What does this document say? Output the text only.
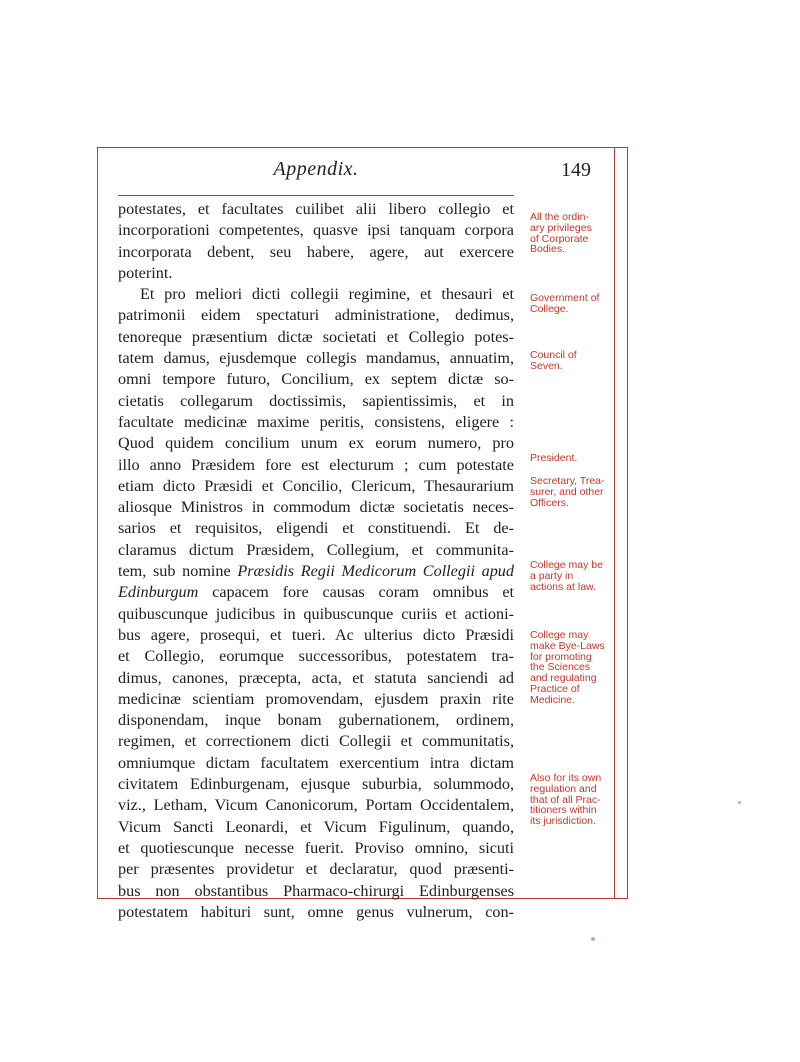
Appendix.	149
potestates, et facultates cuilibet alii libero collegio et
incorporationi competentes, quasve ipsi tanquam corpora
incorporata debent, seu habere, agere, aut exercere
poterint.
Et pro meliori dicti collegii regimine, et thesauri et
patrimonii eidem spectaturi administratione, dedimus,
tenoreque præsentium dictæ societati et Collegio potes-
tatem damus, ejusdemque collegis mandamus, annuatim,
omni tempore futuro, Concilium, ex septem dictæ so-
cietatis collegarum doctissimis, sapientissimis, et in
facultate medicinæ maxime peritis, consistens, eligere :
Quod quidem concilium unum ex eorum numero, pro
illo anno Præsidem fore est electurum ; cum potestate
etiam dicto Præsidi et Concilio, Clericum, Thesaurarium
aliosque Ministros in commodum dictæ societatis neces-
sarios et requisitos, eligendi et constituendi. Et de-
claramus dictum Præsidem, Collegium, et communita-
tem, sub nomine Præsidis Regii Medicorum Collegii apud
Edinburgum capacem fore causas coram omnibus et
quibuscunque judicibus in quibuscunque curiis et actioni-
bus agere, prosequi, et tueri. Ac ulterius dicto Præsidi
et Collegio, eorumque successoribus, potestatem tra-
dimus, canones, præcepta, acta, et statuta sanciendi ad
medicinæ scientiam promovendam, ejusdem praxin rite
disponendam, inque bonam gubernationem, ordinem,
regimen, et correctionem dicti Collegii et communitatis,
omniumque dictam facultatem exercentium intra dictam
civitatem Edinburgenam, ejusque suburbia, solummodo,
viz., Letham, Vicum Canonicorum, Portam Occidentalem,
Vicum Sancti Leonardi, et Vicum Figulinum, quando,
et quotiescunque necesse fuerit. Proviso omnino, sicuti
per præsentes providetur et declaratur, quod præsenti-
bus non obstantibus Pharmaco-chirurgi Edinburgenses
potestatem habituri sunt, omne genus vulnerum, con-
All the ordin-
ary privileges
of Corporate
Bodies.
Government of
College.
Council of
Seven.
President.
Secretary, Trea-
surer, and other
Officers.
College may be
a party in
actions at law.
College may
make Bye-Laws
for promoting
the Sciences
and regulating
Practice of
Medicine.
Also for its own
regulation and
that of all Prac-
titioners within
its jurisdiction.
